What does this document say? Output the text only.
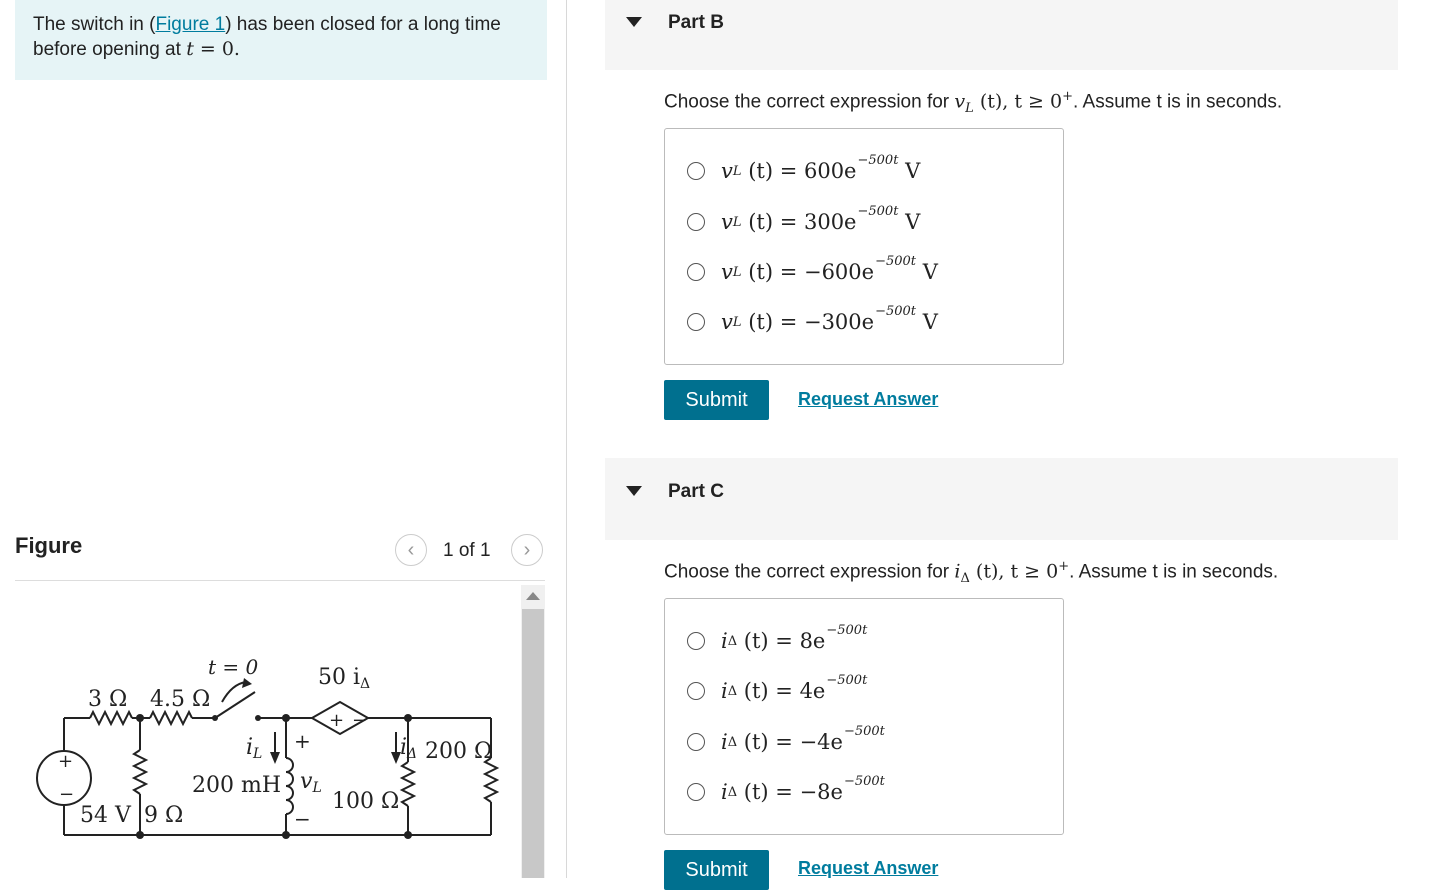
The switch in (Figure 1) has been closed for a long time before opening at t = 0.
Figure	‹ 1 of 1 ›
+
−
t = 0	50 iΔ
+ −
3 Ω 4.5 Ω
54 V 9 Ω
iL
+
200 mH vL
−
iΔ
100 Ω
200 Ω
Part B
Choose the correct expression for $v_L$ (t), t ≥ 0+. Assume t is in seconds.
v L
(t) = 600e −500t
V
v L
(t) = 300e −500t
V
v L
(t) = −600e −500t
V
v L
(t) = −300e −500t
V
Submit	Request Answer
Part C
Choose the correct expression for $i_\Delta$ (t), t ≥ 0+. Assume t is in seconds.
i Δ
(t) = 8e −500t
i Δ
(t) = 4e −500t
i Δ
(t) = −4e −500t
i Δ
(t) = −8e −500t
Submit	Request Answer
